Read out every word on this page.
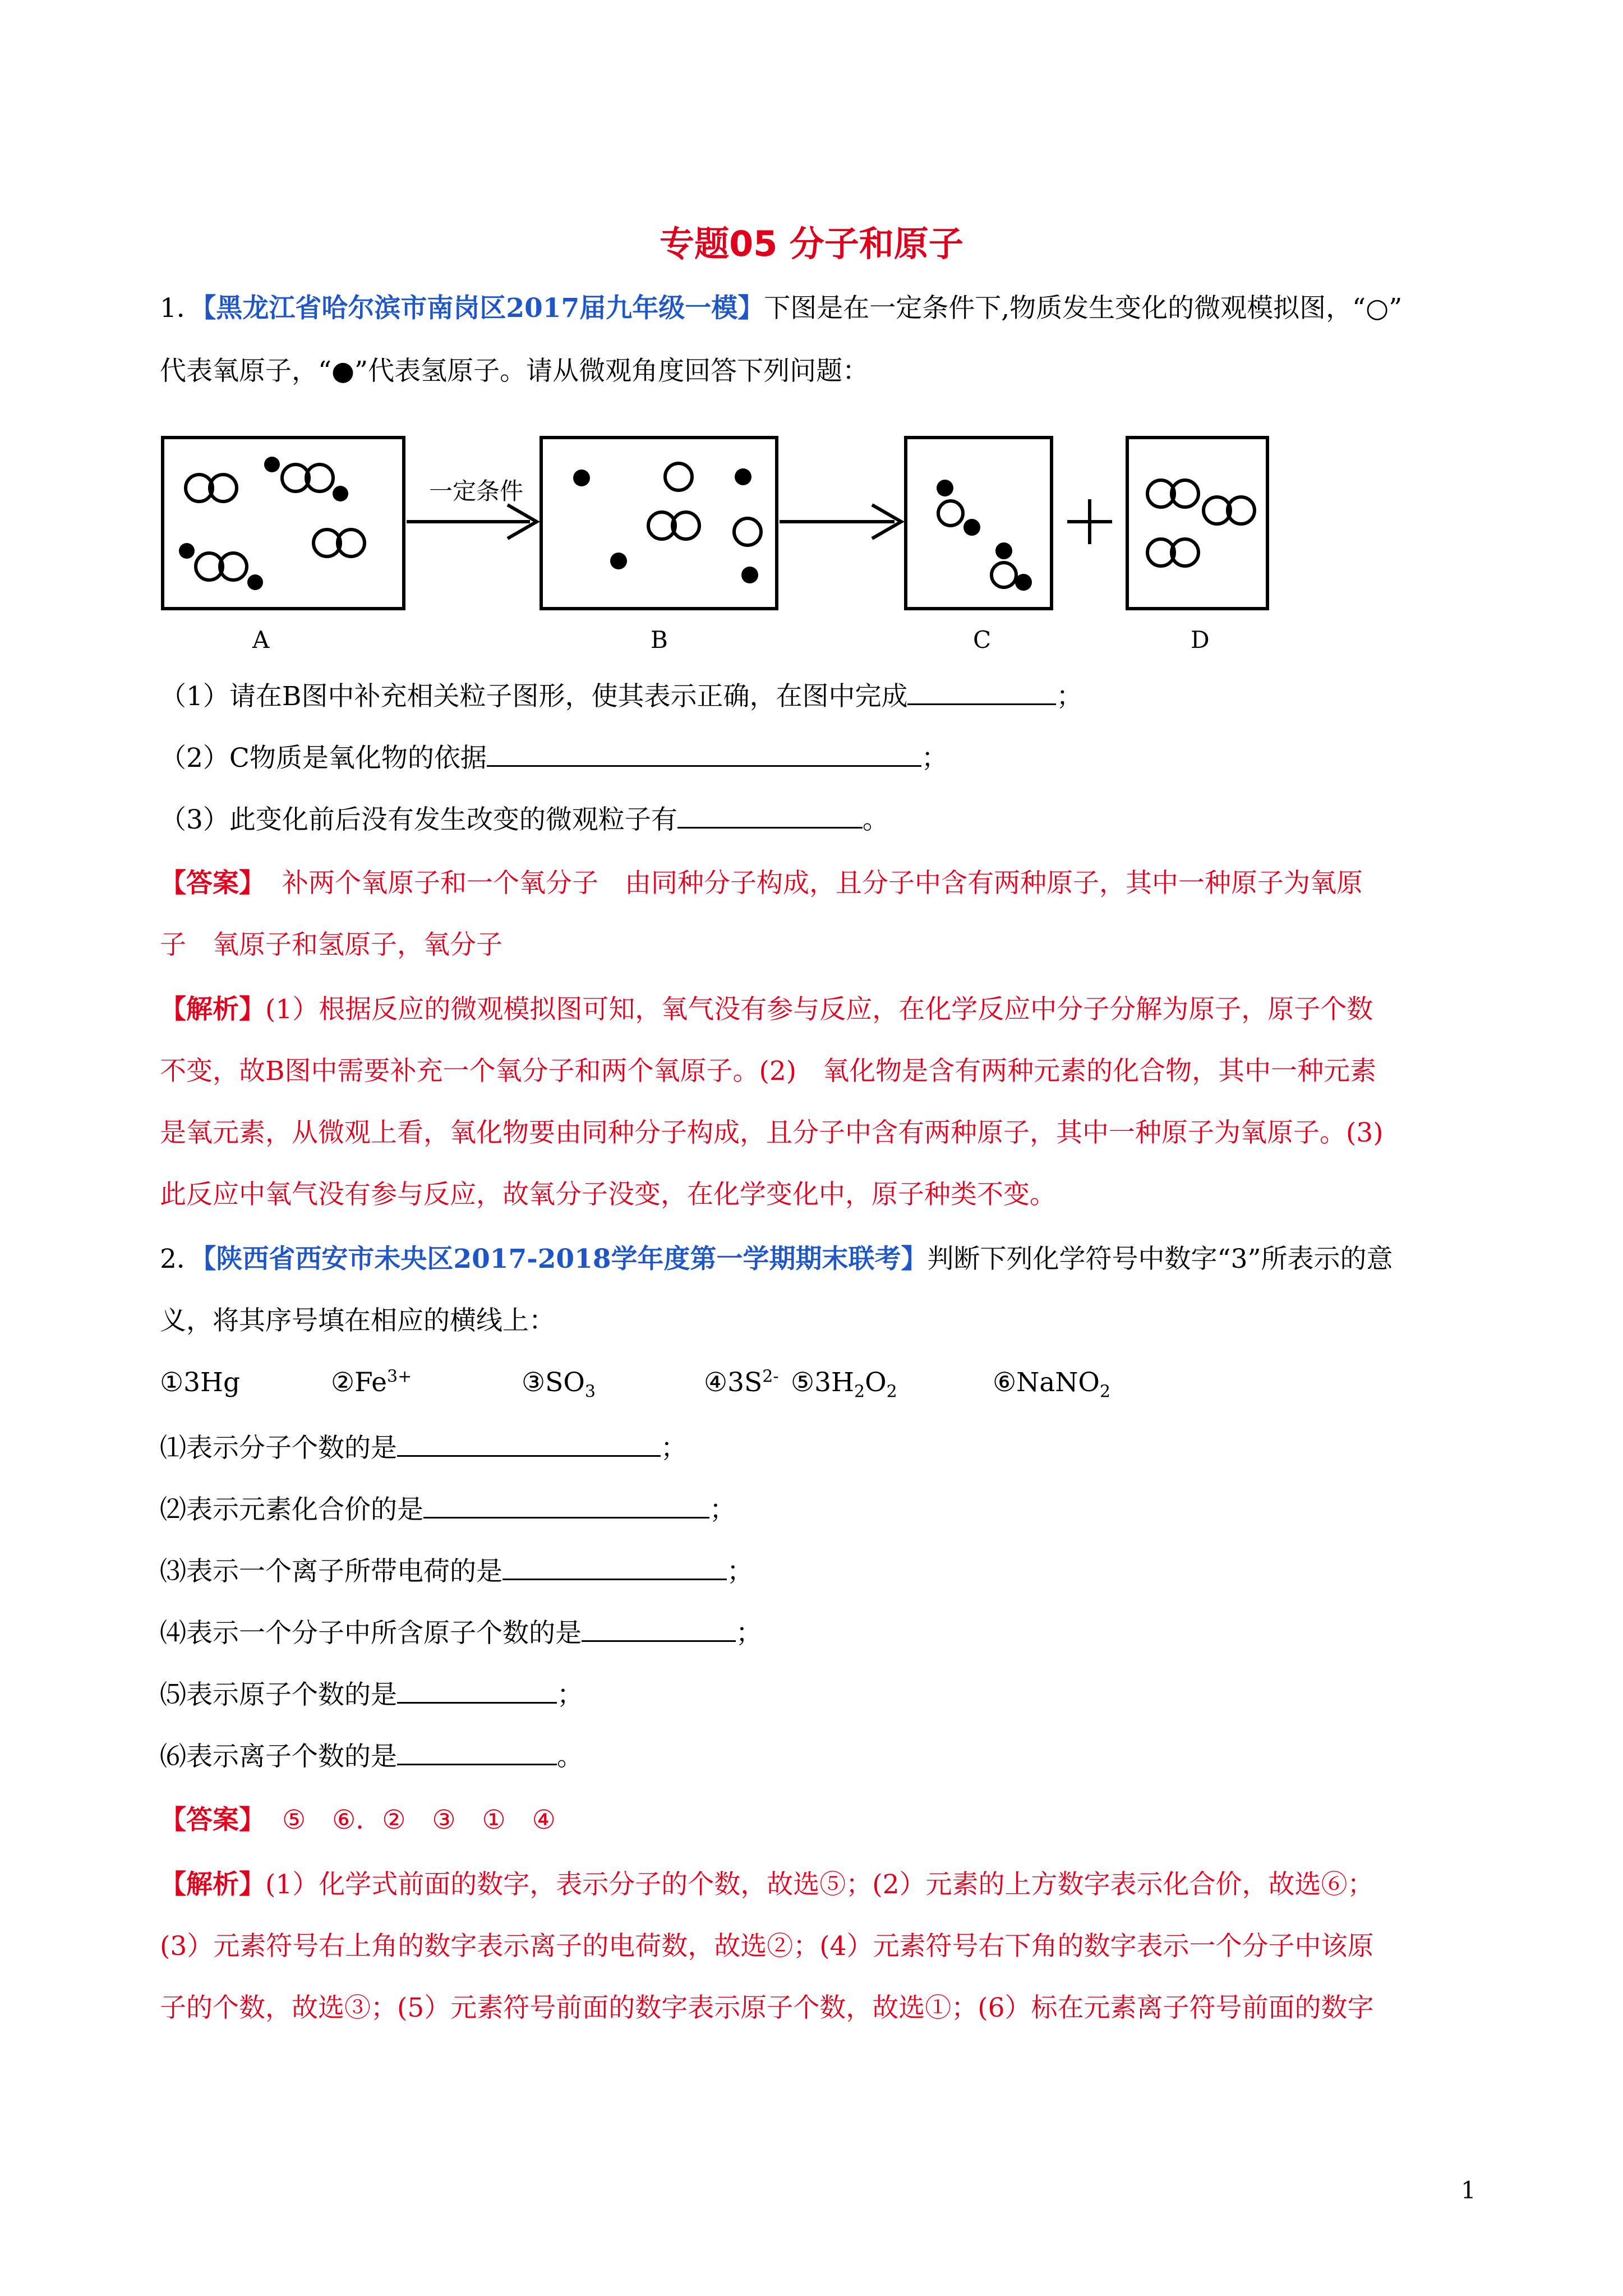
专题05 分子和原子
1．【黑龙江省哈尔滨市南岗区2017届九年级一模】下图是在一定条件下,物质发生变化的微观模拟图，“○”
代表氧原子，“●”代表氢原子。请从微观角度回答下列问题：
一定条件
A	B	C	D
（1）请在B图中补充相关粒子图形，使其表示正确，在图中完成	；
（2）C物质是氧化物的依据	；
（3）此变化前后没有发生改变的微观粒子有	。
【答案】 补两个氧原子和一个氧分子　由同种分子构成，且分子中含有两种原子，其中一种原子为氧原
子　氧原子和氢原子，氧分子
【解析】(1）根据反应的微观模拟图可知，氧气没有参与反应，在化学反应中分子分解为原子，原子个数
不变，故B图中需要补充一个氧分子和两个氧原子。(2)　氧化物是含有两种元素的化合物，其中一种元素
是氧元素，从微观上看，氧化物要由同种分子构成，且分子中含有两种原子，其中一种原子为氧原子。(3)
此反应中氧气没有参与反应，故氧分子没变，在化学变化中，原子种类不变。
2．【陕西省西安市未央区2017-2018学年度第一学期期末联考】判断下列化学符号中数字“3”所表示的意
义，将其序号填在相应的横线上：
①3Hg	$②Fe^{3+}$	$③SO_3$	$④3S^{2-}$ $⑤3H_2O_2$	⑥NaNO$_2$
⑴表示分子个数的是	；
⑵表示元素化合价的是	；
⑶表示一个离子所带电荷的是	；
⑷表示一个分子中所含原子个数的是	；
⑸表示原子个数的是	；
⑹表示离子个数的是	。
【答案】 ⑤　⑥．②　③　①　④
【解析】(1）化学式前面的数字，表示分子的个数，故选⑤；(2）元素的上方数字表示化合价，故选⑥；
(3）元素符号右上角的数字表示离子的电荷数，故选②；(4）元素符号右下角的数字表示一个分子中该原
子的个数，故选③；(5）元素符号前面的数字表示原子个数，故选①；(6）标在元素离子符号前面的数字
1
